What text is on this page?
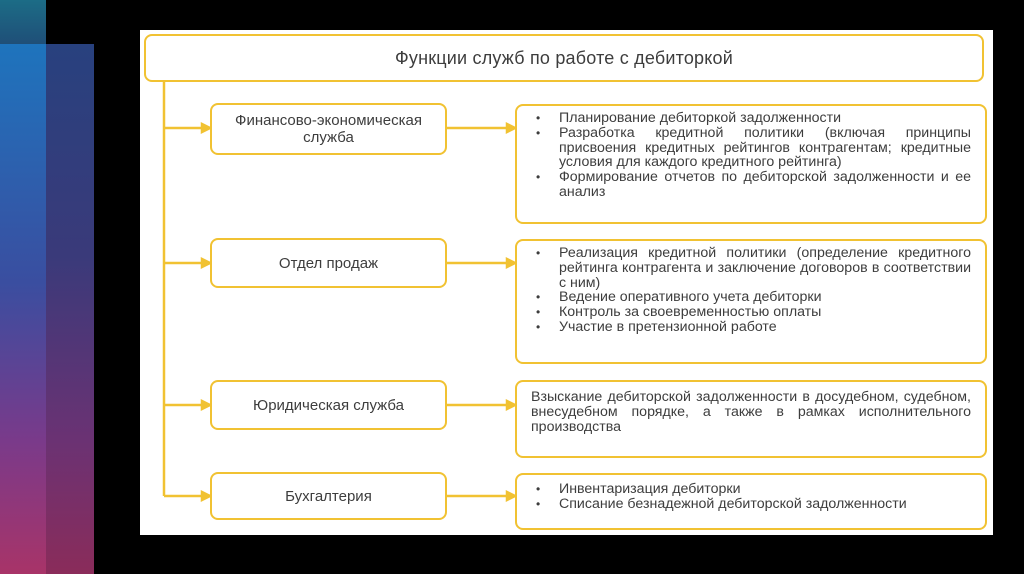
Функции служб по работе с дебиторкой
Финансово-экономическая служба
• Планирование дебиторкой задолженности
• Разработка кредитной политики (включая принципы присвоения кредитных рейтингов контрагентам; кредитные условия для каждого кредитного рейтинга)
• Формирование отчетов по дебиторской задолженности и ее анализ
Отдел продаж
• Реализация кредитной политики (определение кредитного рейтинга контрагента и заключение договоров в соответствии с ним)
• Ведение оперативного учета дебиторки
• Контроль за своевременностью оплаты
• Участие в претензионной работе
Юридическая служба	Взыскание дебиторской задолженности в досудебном, судебном, внесудебном порядке, а также в рамках исполнительного производства

Бухгалтерия
•	Инвентаризация дебиторки
• Списание безнадежной дебиторской задолженности
